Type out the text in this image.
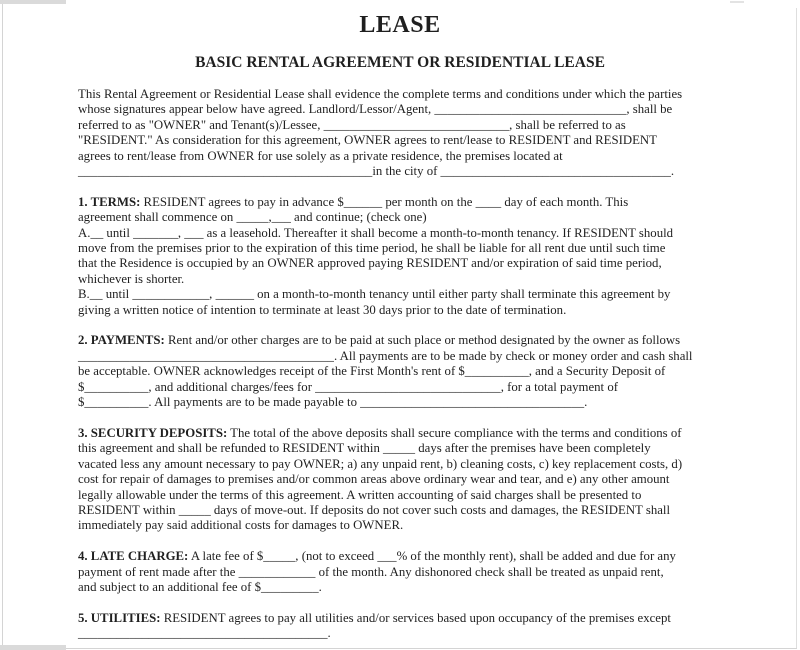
LEASE
BASIC RENTAL AGREEMENT OR RESIDENTIAL LEASE
This Rental Agreement or Residential Lease shall evidence the complete terms and conditions under which the parties
whose signatures appear below have agreed. Landlord/Lessor/Agent, ______________________________, shall be
referred to as "OWNER" and Tenant(s)/Lessee, _____________________________, shall be referred to as
"RESIDENT." As consideration for this agreement, OWNER agrees to rent/lease to RESIDENT and RESIDENT
agrees to rent/lease from OWNER for use solely as a private residence, the premises located at
______________________________________________in the city of ____________________________________.
1. TERMS: RESIDENT agrees to pay in advance $______ per month on the ____ day of each month. This
agreement shall commence on _____,___ and continue; (check one)
A.__ until _______, ___ as a leasehold. Thereafter it shall become a month-to-month tenancy. If RESIDENT should
move from the premises prior to the expiration of this time period, he shall be liable for all rent due until such time
that the Residence is occupied by an OWNER approved paying RESIDENT and/or expiration of said time period,
whichever is shorter.
B.__ until ____________, ______ on a month-to-month tenancy until either party shall terminate this agreement by
giving a written notice of intention to terminate at least 30 days prior to the date of termination.
2. PAYMENTS: Rent and/or other charges are to be paid at such place or method designated by the owner as follows
________________________________________. All payments are to be made by check or money order and cash shall
be acceptable. OWNER acknowledges receipt of the First Month's rent of $__________, and a Security Deposit of
$__________, and additional charges/fees for _____________________________, for a total payment of
$__________. All payments are to be made payable to ___________________________________.
3. SECURITY DEPOSITS: The total of the above deposits shall secure compliance with the terms and conditions of
this agreement and shall be refunded to RESIDENT within _____ days after the premises have been completely
vacated less any amount necessary to pay OWNER; a) any unpaid rent, b) cleaning costs, c) key replacement costs, d)
cost for repair of damages to premises and/or common areas above ordinary wear and tear, and e) any other amount
legally allowable under the terms of this agreement. A written accounting of said charges shall be presented to
RESIDENT within _____ days of move-out. If deposits do not cover such costs and damages, the RESIDENT shall
immediately pay said additional costs for damages to OWNER.
4. LATE CHARGE: A late fee of $_____, (not to exceed ___% of the monthly rent), shall be added and due for any
payment of rent made after the ____________ of the month. Any dishonored check shall be treated as unpaid rent,
and subject to an additional fee of $_________.
5. UTILITIES: RESIDENT agrees to pay all utilities and/or services based upon occupancy of the premises except
_______________________________________.
